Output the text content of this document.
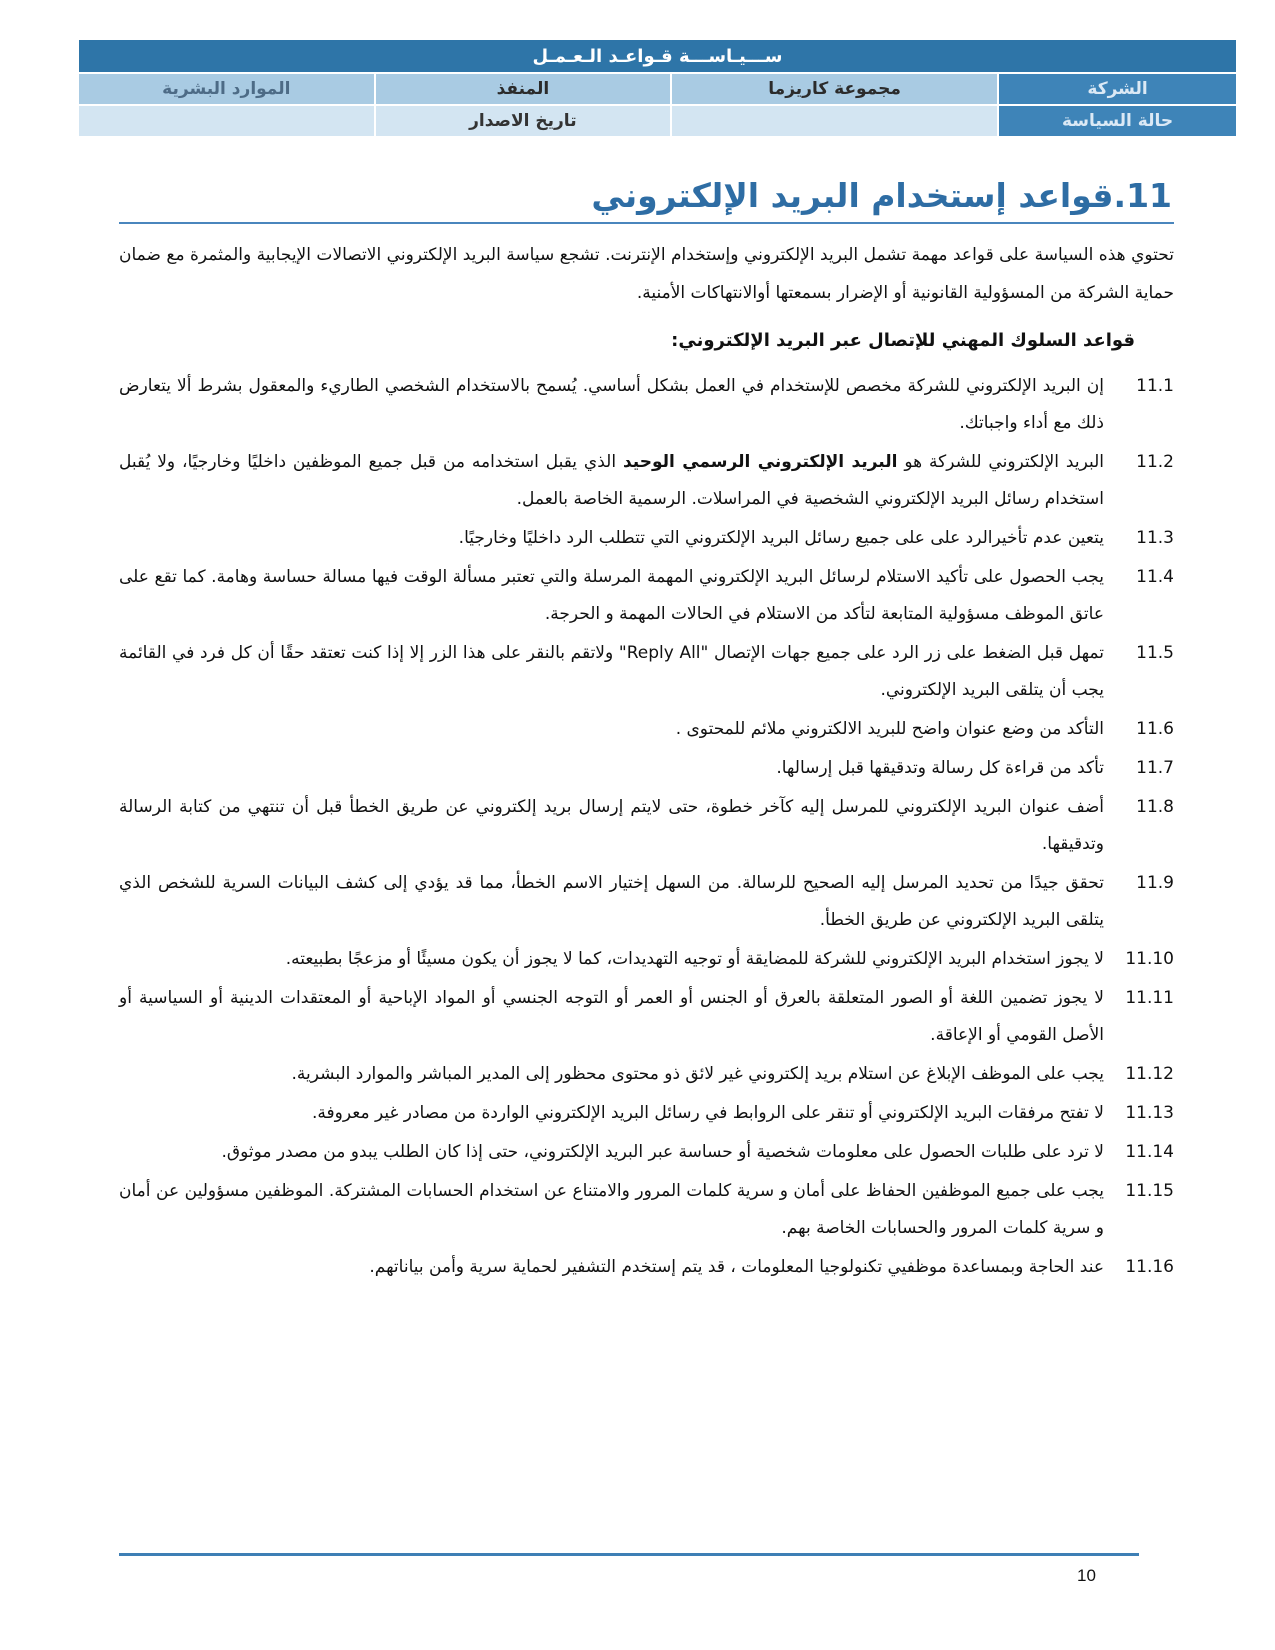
ســـيـاســـة قـواعـد الـعـمـل			
الشركة	مجموعة كاريزما	المنفذ	الموارد البشرية
حالة السياسة		تاريخ الاصدار	
11.قواعد إستخدام البريد الإلكتروني

تحتوي هذه السياسة على قواعد مهمة تشمل البريد الإلكتروني وإستخدام الإنترنت. تشجع سياسة البريد الإلكتروني الاتصالات الإيجابية والمثمرة مع ضمان حماية الشركة من المسؤولية القانونية أو الإضرار بسمعتها أوالانتهاكات الأمنية.

قواعد السلوك المهني للإتصال عبر البريد الإلكتروني:

11.1
إن البريد الإلكتروني للشركة مخصص للإستخدام في العمل بشكل أساسي. يُسمح بالاستخدام الشخصي الطاريء والمعقول بشرط ألا يتعارض ذلك مع أداء واجباتك.
11.2
البريد الإلكتروني للشركة هو البريد الإلكتروني الرسمي الوحيد الذي يقبل استخدامه من قبل جميع الموظفين داخليًا وخارجيًا، ولا يُقبل استخدام رسائل البريد الإلكتروني الشخصية في المراسلات. الرسمية الخاصة بالعمل.
11.3
يتعين عدم تأخيرالرد على على جميع رسائل البريد الإلكتروني التي تتطلب الرد داخليًا وخارجيًا.
11.4
يجب الحصول على تأكيد الاستلام لرسائل البريد الإلكتروني المهمة المرسلة والتي تعتبر مسألة الوقت فيها مسالة حساسة وهامة. كما تقع على عاتق الموظف مسؤولية المتابعة لتأكد من الاستلام في الحالات المهمة و الحرجة.
11.5
تمهل قبل الضغط على زر الرد على جميع جهات الإتصال "Reply All" ولاتقم بالنقر على هذا الزر إلا إذا كنت تعتقد حقًا أن كل فرد في القائمة يجب أن يتلقى البريد الإلكتروني.
11.6
التأكد من وضع عنوان واضح للبريد الالكتروني ملائم للمحتوى .
11.7
تأكد من قراءة كل رسالة وتدقيقها قبل إرسالها.
11.8
أضف عنوان البريد الإلكتروني للمرسل إليه كآخر خطوة، حتى لايتم إرسال بريد إلكتروني عن طريق الخطأ قبل أن تنتهي من كتابة الرسالة وتدقيقها.
11.9
تحقق جيدًا من تحديد المرسل إليه الصحيح للرسالة. من السهل إختيار الاسم الخطأ، مما قد يؤدي إلى كشف البيانات السرية للشخص الذي يتلقى البريد الإلكتروني عن طريق الخطأ.
11.10
لا يجوز استخدام البريد الإلكتروني للشركة للمضايقة أو توجيه التهديدات، كما لا يجوز أن يكون مسيئًا أو مزعجًا بطبيعته.
11.11
لا يجوز تضمين اللغة أو الصور المتعلقة بالعرق أو الجنس أو العمر أو التوجه الجنسي أو المواد الإباحية أو المعتقدات الدينية أو السياسية أو الأصل القومي أو الإعاقة.
11.12
يجب على الموظف الإبلاغ عن استلام بريد إلكتروني غير لائق ذو محتوى محظور إلى المدير المباشر والموارد البشرية.
11.13
لا تفتح مرفقات البريد الإلكتروني أو تنقر على الروابط في رسائل البريد الإلكتروني الواردة من مصادر غير معروفة.
11.14
لا ترد على طلبات الحصول على معلومات شخصية أو حساسة عبر البريد الإلكتروني، حتى إذا كان الطلب يبدو من مصدر موثوق.
11.15
يجب على جميع الموظفين الحفاظ على أمان و سرية كلمات المرور والامتناع عن استخدام الحسابات المشتركة. الموظفين مسؤولين عن أمان و سرية كلمات المرور والحسابات الخاصة بهم.
11.16
عند الحاجة وبمساعدة موظفيي تكنولوجيا المعلومات ، قد يتم إستخدم التشفير لحماية سرية وأمن بياناتهم.
10
